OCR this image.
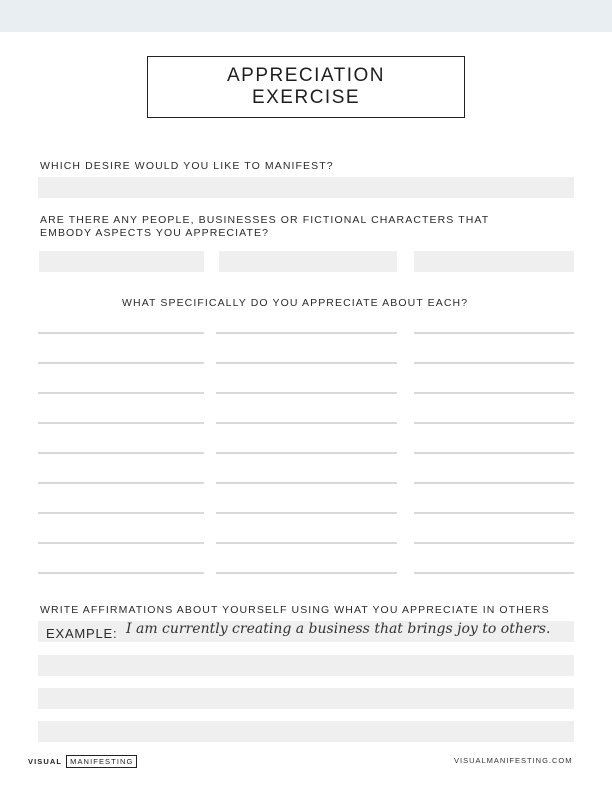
APPRECIATION
EXERCISE
WHICH DESIRE WOULD YOU LIKE TO MANIFEST?
ARE THERE ANY PEOPLE, BUSINESSES OR FICTIONAL CHARACTERS THAT
EMBODY ASPECTS YOU APPRECIATE?
WHAT SPECIFICALLY DO YOU APPRECIATE ABOUT EACH?
WRITE AFFIRMATIONS ABOUT YOURSELF USING WHAT YOU APPRECIATE IN OTHERS
EXAMPLE: I am currently creating a business that brings joy to others.
VISUAL	MANIFESTING	VISUALMANIFESTING.COM
